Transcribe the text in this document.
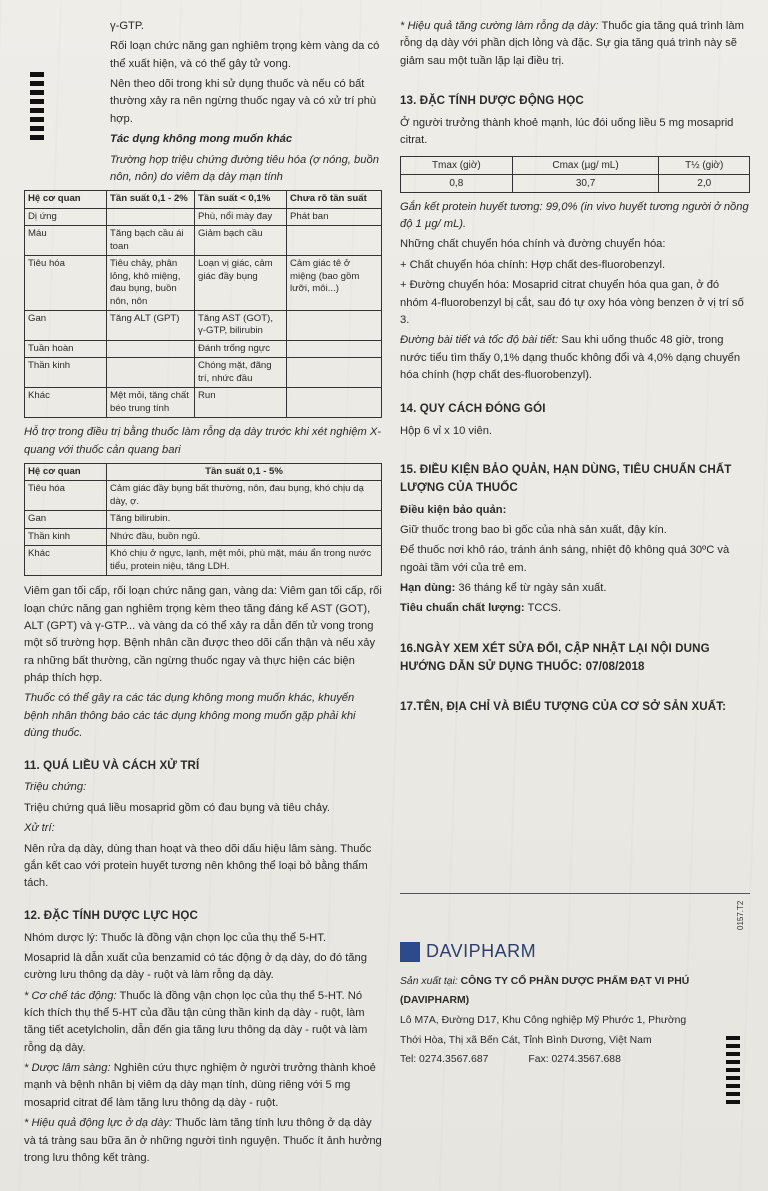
0157.T2

γ-GTP.

Rối loạn chức năng gan nghiêm trọng kèm vàng da có thể xuất hiện, và có thể gây tử vong.

Nên theo dõi trong khi sử dụng thuốc và nếu có bất thường xảy ra nên ngừng thuốc ngay và có xử trí phù hợp.

Tác dụng không mong muốn khác

Trường hợp triệu chứng đường tiêu hóa (ợ nóng, buồn nôn, nôn) do viêm dạ dày mạn tính

Hệ cơ quan	Tần suất 0,1 - 2%	Tần suất < 0,1%	Chưa rõ tần suất
Dị ứng		Phù, nổi mày đay	Phát ban
Máu	Tăng bạch cầu ái toan	Giảm bạch cầu	
Tiêu hóa	Tiêu chảy, phân lỏng, khô miệng, đau bụng, buồn nôn, nôn	Loạn vị giác, cảm giác đầy bụng	Cảm giác tê ở miệng (bao gồm lưỡi, môi...)
Gan	Tăng ALT (GPT)	Tăng AST (GOT), γ-GTP, bilirubin	
Tuần hoàn		Đánh trống ngực	
Thần kinh		Chóng mặt, đãng trí, nhức đầu	
Khác	Mệt mỏi, tăng chất béo trung tính	Run	

Hỗ trợ trong điều trị bằng thuốc làm rỗng dạ dày trước khi xét nghiệm X-quang với thuốc cản quang bari

Hệ cơ quan	Tần suất 0,1 - 5%
Tiêu hóa	Cảm giác đầy bụng bất thường, nôn, đau bụng, khó chịu dạ dày, ợ.
Gan	Tăng bilirubin.
Thần kinh	Nhức đầu, buồn ngủ.
Khác	Khó chịu ở ngực, lạnh, mệt mỏi, phù mặt, máu ẩn trong nước tiểu, protein niệu, tăng LDH.

Viêm gan tối cấp, rối loạn chức năng gan, vàng da: Viêm gan tối cấp, rối loạn chức năng gan nghiêm trọng kèm theo tăng đáng kể AST (GOT), ALT (GPT) và γ-GTP... và vàng da có thể xảy ra dẫn đến tử vong trong một số trường hợp. Bệnh nhân cần được theo dõi cẩn thận và nếu xảy ra những bất thường, cần ngừng thuốc ngay và thực hiện các biện pháp thích hợp.

Thuốc có thể gây ra các tác dụng không mong muốn khác, khuyến bệnh nhân thông báo các tác dụng không mong muốn gặp phải khi dùng thuốc.

11. QUÁ LIỀU VÀ CÁCH XỬ TRÍ

Triệu chứng:

Triệu chứng quá liều mosaprid gồm có đau bụng và tiêu chảy.

Xử trí:

Nên rửa dạ dày, dùng than hoạt và theo dõi dấu hiệu lâm sàng. Thuốc gắn kết cao với protein huyết tương nên không thể loại bỏ bằng thẩm tách.

12. ĐẶC TÍNH DƯỢC LỰC HỌC

Nhóm dược lý: Thuốc là đồng vận chọn lọc của thụ thể 5-HT.

Mosaprid là dẫn xuất của benzamid có tác động ở dạ dày, do đó tăng cường lưu thông dạ dày - ruột và làm rỗng dạ dày.

* Cơ chế tác động: Thuốc là đồng vận chọn lọc của thụ thể 5-HT. Nó kích thích thụ thể 5-HT của đầu tận cùng thần kinh dạ dày - ruột, làm tăng tiết acetylcholin, dẫn đến gia tăng lưu thông dạ dày - ruột và làm rỗng dạ dày.

* Dược lâm sàng: Nghiên cứu thực nghiệm ở người trưởng thành khoẻ mạnh và bệnh nhân bị viêm dạ dày mạn tính, dùng riêng với 5 mg mosaprid citrat để làm tăng lưu thông dạ dày - ruột.

* Hiệu quả động lực ở dạ dày: Thuốc làm tăng tính lưu thông ở dạ dày và tá tràng sau bữa ăn ở những người tình nguyện. Thuốc ít ảnh hưởng trong lưu thông kết tràng.

* Hiệu quả tăng cường làm rỗng dạ dày: Thuốc gia tăng quá trình làm rỗng dạ dày với phần dịch lỏng và đặc. Sự gia tăng quá trình này sẽ giảm sau một tuần lặp lại điều trị.

13. ĐẶC TÍNH DƯỢC ĐỘNG HỌC

Ở người trưởng thành khoẻ mạnh, lúc đói uống liều 5 mg mosaprid citrat.

Tmax (giờ)	Cmax (µg/ mL)	T½ (giờ)
0,8	30,7	2,0

Gắn kết protein huyết tương: 99,0% (in vivo huyết tương người ở nồng độ 1 µg/ mL).

Những chất chuyển hóa chính và đường chuyển hóa:

+ Chất chuyển hóa chính: Hợp chất des-fluorobenzyl.

+ Đường chuyển hóa: Mosaprid citrat chuyển hóa qua gan, ở đó nhóm 4-fluorobenzyl bị cắt, sau đó tự oxy hóa vòng benzen ở vị trí số 3.

Đường bài tiết và tốc độ bài tiết: Sau khi uống thuốc 48 giờ, trong nước tiểu tìm thấy 0,1% dạng thuốc không đổi và 4,0% dạng chuyển hóa chính (hợp chất des-fluorobenzyl).

14. QUY CÁCH ĐÓNG GÓI

Hộp 6 vỉ x 10 viên.

15. ĐIỀU KIỆN BẢO QUẢN, HẠN DÙNG, TIÊU CHUẨN CHẤT LƯỢNG CỦA THUỐC

Điều kiện bảo quản:

Giữ thuốc trong bao bì gốc của nhà sản xuất, đậy kín.

Để thuốc nơi khô ráo, tránh ánh sáng, nhiệt độ không quá 30ºC và ngoài tầm với của trẻ em.

Hạn dùng: 36 tháng kể từ ngày sản xuất.

Tiêu chuẩn chất lượng: TCCS.

16.NGÀY XEM XÉT SỬA ĐỔI, CẬP NHẬT LẠI NỘI DUNG HƯỚNG DẪN SỬ DỤNG THUỐC: 07/08/2018
17.TÊN, ĐỊA CHỈ VÀ BIỂU TƯỢNG CỦA CƠ SỞ SẢN XUẤT:
DAVIPHARM

Sản xuất tại: CÔNG TY CỔ PHẦN DƯỢC PHẨM ĐẠT VI PHÚ

(DAVIPHARM)

Lô M7A, Đường D17, Khu Công nghiệp Mỹ Phước 1, Phường

Thới Hòa, Thị xã Bến Cát, Tỉnh Bình Dương, Việt Nam

Tel: 0274.3567.687	Fax: 0274.3567.688
